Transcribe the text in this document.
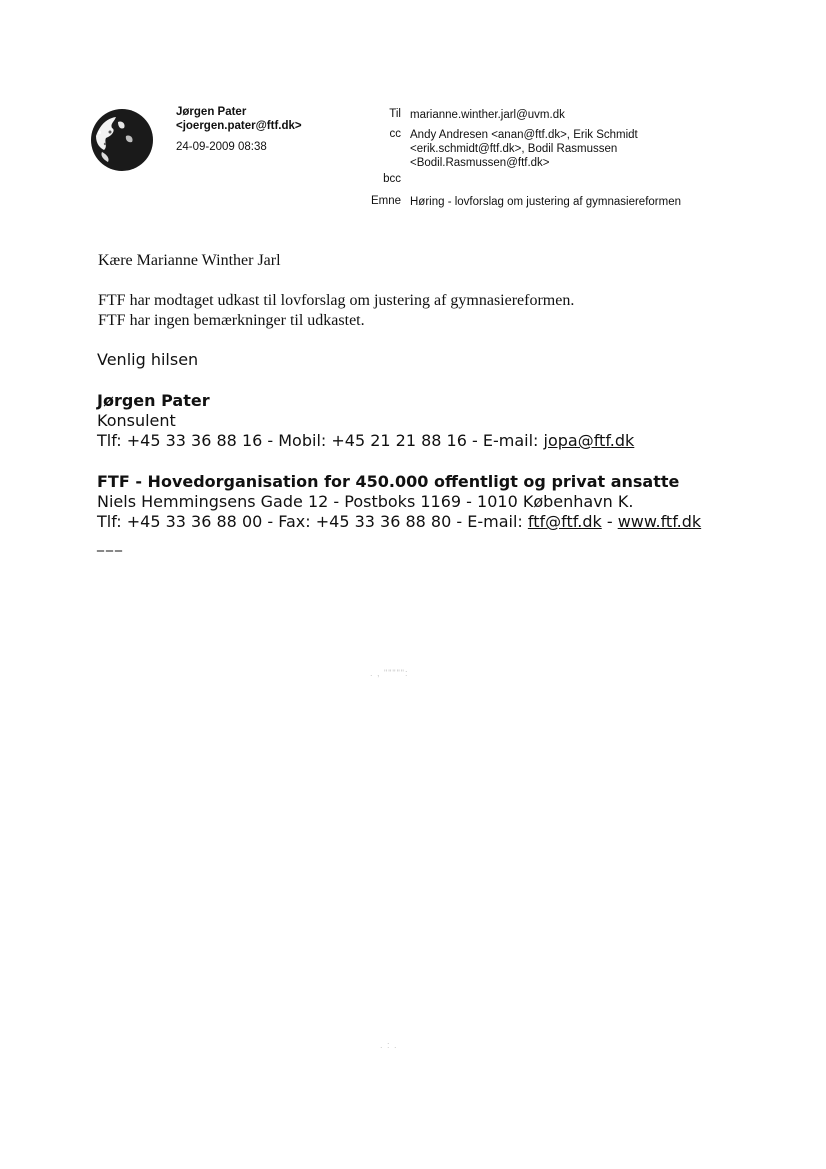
Jørgen Pater
<joergen.pater@ftf.dk>
24-09-2009 08:38
Til marianne.winther.jarl@uvm.dk
cc Andy Andresen <anan@ftf.dk>, Erik Schmidt
<erik.schmidt@ftf.dk>, Bodil Rasmussen
<Bodil.Rasmussen@ftf.dk>
bcc
Emne Høring - lovforslag om justering af gymnasiereformen
Kære Marianne Winther Jarl
FTF har modtaget udkast til lovforslag om justering af gymnasiereformen.
FTF har ingen bemærkninger til udkastet.
Venlig hilsen
Jørgen Pater
Konsulent
Tlf: +45 33 36 88 16 - Mobil: +45 21 21 88 16 - E-mail: jopa@ftf.dk
FTF - Hovedorganisation for 450.000 offentligt og privat ansatte
Niels Hemmingsens Gade 12 - Postboks 1169 - 1010 København K.
Tlf: +45 33 36 88 00 - Fax: +45 33 36 88 80 - E-mail: ftf@ftf.dk - www.ftf.dk
___
. , """"":
. : .
